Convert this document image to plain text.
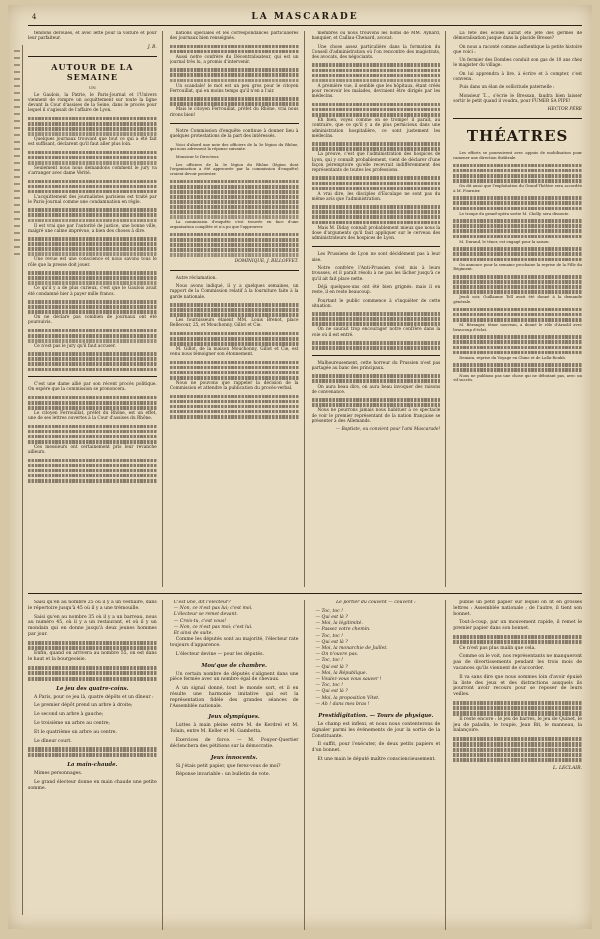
4	LA MASCARADE

tendons déroulés, et avec lette pour la voiture et pour leur parfaiteur.

J. B.
AUTOUR DE LA SEMAINE
UN

Le Gaulois, la Patrie, le Paris-Journal et l'Univers viennent de rompre un acquittement sur toute la ligne devant la Cour d'assises de la Seine, dans le procès pour lequel il s'agissait de l'affaire de Lyon.

Quelques journaux trouvant que tout ce qui a été fait est suffisant, déclarent qu'il faut aller plus loin.

Seulement nous nous demandons comment le jury va s'arranger avec dame Vérité.

L'acquittement des journalistes parisiens est traité par le Paris-Journal comme une condamnation en règle.

Il est vrai que par l'autorité de justice, une bonne ville, malgré une calme imprévue, a bien des choses à dire.

Une revue est une conscience et nous savons tous le rôle que la presse doit jouer.

Ce qu'il y a de plus curieux, c'est que le Gaulois avait été condamné hier à payer mille francs.

On ne déclare pas combien de journaux ont été poursuivis.

Ce n'est pas le jury qu'il faut accuser.

C'est une dame allié par son récent procès politique. On espère que la commission se prononcera.

Le citoyen Ferrouillat, préfet du Rhône, est un effet, une de ses lettres ouvertes à la Cour d'assises du Rhône.

Ces messieurs ont certainement pris leur revanche ailleurs.

nations spéciales et les correspondances particulières des journaux bien renseignés.

Aussi notre confrère du Décentralisateur, qui est un journal très lu, a promis d'intervenir.

Un scandale! le mot est un peu gros pour le citoyen Ferrouillat, qui en moins temps qu'il n'en a l'air.

Mais le citoyen Ferrouillat, préfet du Rhône, vrai nous rirons bien!

Notre Commission d'enquête continue à donner lieu à quelques protestations de la part des intéressés.

Voici d'abord une note des officiers de la 3e légion du Rhône, qui nous adressent la réponse suivante.

Monsieur le Directeur,

Les officiers de la 3e légion du Rhône (légion dont l'organisation a été approuvée par la commission d'enquête) croient devoir protester.

La commission d'enquête s'est trouvée en face d'une organisation complète et n'a pu que l'approuver.

DOMINIQUE, J. BILLOFFET.

Autre réclamation.

Nous avons indiqué, il y a quelques semaines, un rapport de la Commission relatif à la fourniture faite à la garde nationale.

Les fournisseurs étaient MM. Louis Brenot, place Bellecour, 25, et Mouchonny, Gillot et Cie.

M. Gillot, de la maison Mouchonny, Gillot et Cie, est venu nous témoigner son étonnement.

Nous ne pouvons que rappeler la décision de la Commission et attendre la publication du procès-verbal.

membres où nous trouvons les noms de MM. Aynard, banquier, et Caillau-Chenard, avocat.

Une chose assez particulière dans la formation du Conseil d'administration où l'on rencontre des magistrats, des avocats, des négociants.

A première vue, il semble que les hôpitaux, étant créés pour recevoir les malades, devraient être dirigés par les médecins.

Eh bien, voyez comme on se trompe! il paraît, au contraire, que ce qu'il y a de plus pernicieux dans une administration hospitalière, ce sont justement les médecins.

La preuve, c'est que l'administration des hospices de Lyon, qui y connaît probablement, vient de déclarer d'une façon péremptoire qu'elle recevrait indifféremment des représentants de toutes les professions.

A vrai dire, les disciples d'Esculape ne sont pas du même avis que l'administration.

Mais M. Diday connaît probablement mieux que nous la dose d'arguments qu'il faut appliquer sur le cerveau des administrateurs des hospices de Lyon.

Les Prussiens de Lyon ne sont décidément pas à leur aise.

Notre confrère l'Anti-Prussien s'est mis à leurs trousses, et il paraît résolu à ne pas les lâcher jusqu'à ce qu'il ait fait place nette.

Déjà quelques-uns ont été bien grignés: mais il en reste, il en reste beaucoup.

Pourtant le public commence à s'inquiéter de cette situation.

On ne saurait trop encourager notre confrère dans la voie où il est entré.

Malheureusement, cette horreur du Prussien n'est pas partagée au banc des principaux.

On aura beau dire, on aura beau invoquer des raisons de convenance.

Nous ne pourrons jamais nous habituer à ce spectacle de voir le premier représentant de la nation française se présenter à des Allemands.

— Baptiste, ou convient pour l'ami Mascarade!

La fête des écoles aurait été jeté des germes de démoralisation jusque dans la placide Bresse?

On nous a raconté comme authentique la petite histoire que voici :

Un fermier des Dombes conduit son gas de 10 ans chez le magister du village.

On lui apprendra à lire, à écrire et à compter, c'est convenu.

Puis dans un élan de sollicitude paternelle :

Monsieur T..., s'écrie le Bressan, faudra bien laisser sortir le petit quand il voudra, pour FUMER SA PIPE!

HECTOR PÈRE
THÉATRES

Les efforts se poursuivent avec appuis de mobilisation pour ramener une direction théâtrale.

On dit aussi que l'exploitation du Grand-Théâtre sera accordée à M. Fournier.

Le troupe du grand-opéra sortie M. Cholly, sera dissoute.

M. Durand, le ténor, est engagé pour la saison.

On annonce pour la semaine prochaine la reprise de la Fille du Régiment.

Jeudi soir, Guillaume Tell avait été donné à la demande générale.

M. Béranger, ténor nouveau, a donné le rôle d'Arnold avec beaucoup d'éclat.

Demain, reprise du Voyage en Chine et de Lalla-Roukh.

Nous ne publions pas une chose qui ne débutant pas, avec un vif succès.

Saisi qu'en au nombre 25 où il y a un vestiaire, dans le répertoire jusqu'à 45 où il y a une trémouille.

Saisi qu'en au nombre 35 où il y a un barreau, nous au numéro 45, où il y a un restaurant, et où il y un mondain qui en donne jusqu'à deux jeunes hommes par jour.

Enfin, quand on arrivera au nombre 55, on est dans le haut et la bourgeoisie.

Le jeu des quatre-coins.

A Paris, pour ce jeu là, quatre dépôts et un dîneur :

Le premier dépôt prend un arbre à droite;

Le second un arbre à gauche;

Le troisième un arbre au centre;

Et le quatrième un arbre au centre.

Le dîneur court.

La main-chaude.

Mimes personnages.

Le grand électeur donne en main chaude une petite somme.

C'est une, dit l'électeur?
— Non, ce n'est pas lui; c'est moi.
L'électeur se remet devant.
— Crois-tu, c'est vous!
— Non, ce n'est pas moi; c'est lui.
Et ainsi de suite.

Comme les députés sont au majorité, l'électeur rate toujours d'apparence.

L'électeur devine — pour les députés.

Mou'que de chambre.

Un certain nombre de députés s'alignent dans une pièce fermée avec un nombre égal de chevaux.

A un signal donné, tout le monde sort, et il en résulte une harmonie imitative qui est la représentation fidèle des grandes séances de l'Assemblée nationale.

Jeux olympiques.

Luttes à main pleine entre M. de Kerdrel et M. Tolain, entre M. Keller et M. Gambetta.

Exercices de force. — M. Pouyer-Quertier déclenchera des pétitions sur la démocratie.

Jeux innocents.

Si j'étais petit papier, que ferez-vous de moi?

Réponse invariable : un bulletin de vote.

Le portier du couvent — couvent :

— Toc, toc !
— Qui est là ?
— Moi, la légitimité.
— Passez votre chemin.
— Toc, toc !
— Qui est là ?
— Moi, la monarchie de Juillet.
— On n'ouvre pas.
— Toc, toc !
— Qui est là ?
— Moi, la République.
— Voulez-vous vous sauver !
— Toc, toc !
— Qui est là ?
— Moi, la proposition Vitet.
— Ah ! dans mes bras !
Prestidigitation. — Tours de physique.

Le champ est inflexi, et nous nous contenterons de signaler parmi les événements de jour la sortie de la Constituante.

Il suffit, pour l'exécuter, de deux petits papiers et d'un bonnet.

Et une main le député maître consciencieusement.

publie un petit papier sur lequel on lit en grosses lettres : Assemblée nationale ; de l'autre, il tient son bonnet.

Tout-à-coup, par un mouvement rapide, il remet le premier papier dans son bonnet.

Ce n'est pas plus malin que cela.

Comme on le voit, nos représentants ne manqueront pas de divertissements pendant les trois mois de vacances qu'ils viennent de s'accorder.

Il va sans dire que nous sommes loin d'avoir épuisé la liste des jeux et des distractions auxquels ils pourront avoir recours pour se reposer de leurs veilles.

Il reste encore : le jeu de barres, le jeu de Quinet, le jeu de paladin, le toupie, Jean Bit, le manneau, la balançoire.

L. LECLAIR.
